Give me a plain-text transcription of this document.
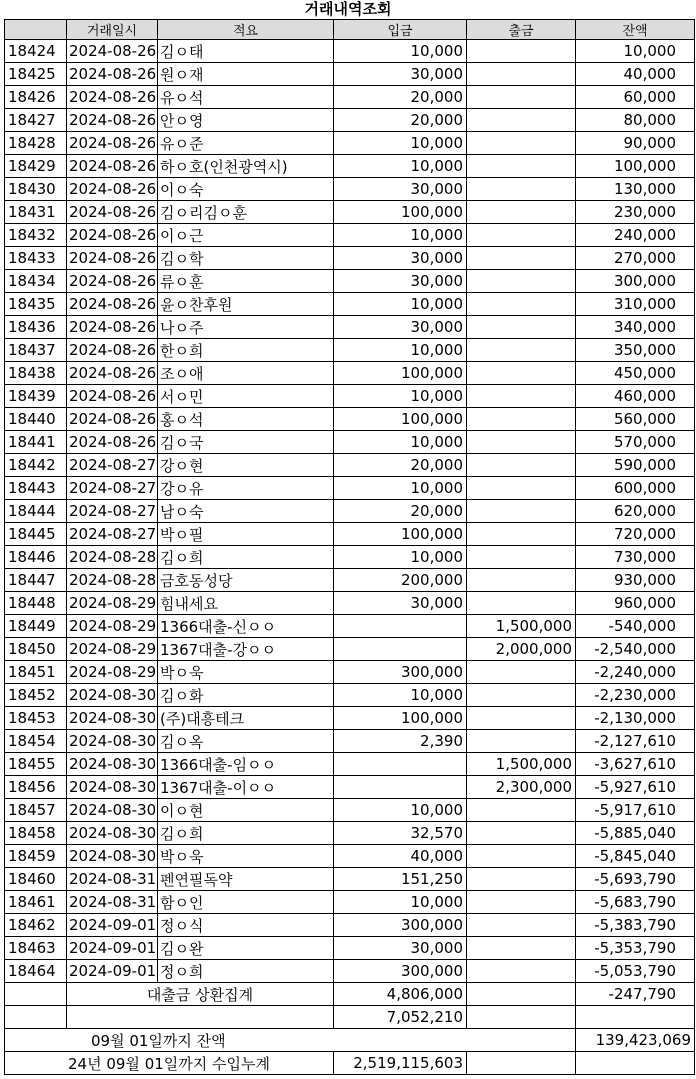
거래내역조회
	거래일시	적요	입금	출금	잔액
18424	2024-08-26	김ㅇ태	10,000		10,000
18425	2024-08-26	원ㅇ재	30,000		40,000
18426	2024-08-26	유ㅇ석	20,000		60,000
18427	2024-08-26	안ㅇ영	20,000		80,000
18428	2024-08-26	유ㅇ준	10,000		90,000
18429	2024-08-26	하ㅇ호(인천광역시)	10,000		100,000
18430	2024-08-26	이ㅇ숙	30,000		130,000
18431	2024-08-26	김ㅇ리김ㅇ훈	100,000		230,000
18432	2024-08-26	이ㅇ근	10,000		240,000
18433	2024-08-26	김ㅇ학	30,000		270,000
18434	2024-08-26	류ㅇ훈	30,000		300,000
18435	2024-08-26	윤ㅇ찬후원	10,000		310,000
18436	2024-08-26	나ㅇ주	30,000		340,000
18437	2024-08-26	한ㅇ희	10,000		350,000
18438	2024-08-26	조ㅇ애	100,000		450,000
18439	2024-08-26	서ㅇ민	10,000		460,000
18440	2024-08-26	홍ㅇ석	100,000		560,000
18441	2024-08-26	김ㅇ국	10,000		570,000
18442	2024-08-27	강ㅇ현	20,000		590,000
18443	2024-08-27	강ㅇ유	10,000		600,000
18444	2024-08-27	남ㅇ숙	20,000		620,000
18445	2024-08-27	박ㅇ필	100,000		720,000
18446	2024-08-28	김ㅇ희	10,000		730,000
18447	2024-08-28	금호동성당	200,000		930,000
18448	2024-08-29	힘내세요	30,000		960,000
18449	2024-08-29	1366대출-신ㅇㅇ		1,500,000	-540,000
18450	2024-08-29	1367대출-강ㅇㅇ		2,000,000	-2,540,000
18451	2024-08-29	박ㅇ욱	300,000		-2,240,000
18452	2024-08-30	김ㅇ화	10,000		-2,230,000
18453	2024-08-30	(주)대흥테크	100,000		-2,130,000
18454	2024-08-30	김ㅇ옥	2,390		-2,127,610
18455	2024-08-30	1366대출-임ㅇㅇ		1,500,000	-3,627,610
18456	2024-08-30	1367대출-이ㅇㅇ		2,300,000	-5,927,610
18457	2024-08-30	이ㅇ현	10,000		-5,917,610
18458	2024-08-30	김ㅇ희	32,570		-5,885,040
18459	2024-08-30	박ㅇ욱	40,000		-5,845,040
18460	2024-08-31	펜연필독약	151,250		-5,693,790
18461	2024-08-31	함ㅇ인	10,000		-5,683,790
18462	2024-09-01	정ㅇ식	300,000		-5,383,790
18463	2024-09-01	김ㅇ완	30,000		-5,353,790
18464	2024-09-01	정ㅇ희	300,000		-5,053,790
	대출금 상환집계		4,806,000		-247,790
			7,052,210		
09월 01일까지 잔액					139,423,069
24년 09월 01일까지 수입누계			2,519,115,603		
